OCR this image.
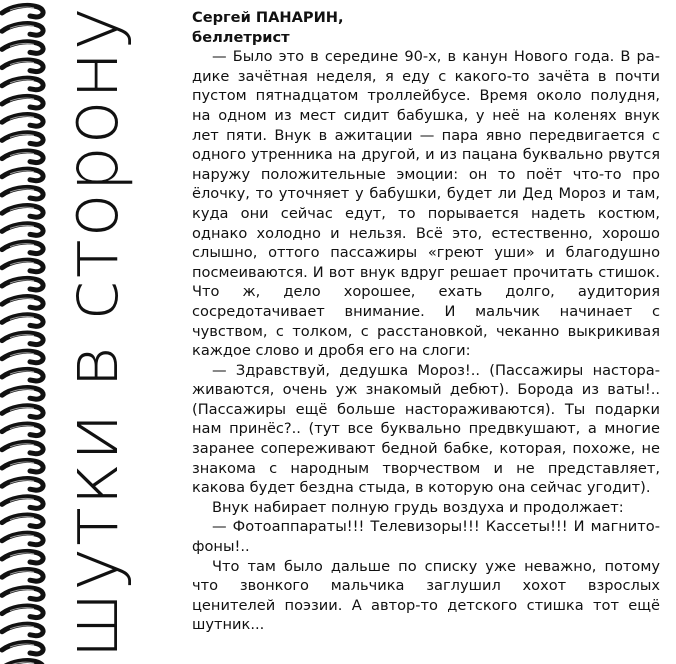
шутки в сторону	Сергей ПАНАРИН,
беллетрист

— Было это в середине 90-х, в канун Нового года. В радике зачётная неделя, я еду с какого-то зачёта в почти пустом пятнадцатом троллейбусе. Время около полудня, на одном из мест сидит бабушка, у неё на коленях внук лет пяти. Внук в ажитации — пара явно передвигается с одного утренника на другой, и из пацана буквально рвутся наружу положительные эмоции: он то поёт что-то про ёлочку, то уточняет у бабушки, будет ли Дед Мороз и там, куда они сейчас едут, то порывается надеть костюм, однако холодно и нельзя. Всё это, естественно, хорошо слышно, оттого пассажиры «греют уши» и благодушно посмеиваются. И вот внук вдруг решает прочитать стишок. Что ж, дело хорошее, ехать долго, аудитория сосредотачивает внимание. И мальчик начинает с чувством, с толком, с расстановкой, чеканно выкрикивая каждое слово и дробя его на слоги:

— Здравствуй, дедушка Мороз!.. (Пассажиры настораживаются, очень уж знакомый дебют). Борода из ваты!.. (Пассажиры ещё больше настораживаются). Ты подарки нам принёс?.. (тут все буквально предвкушают, а многие заранее сопереживают бедной бабке, которая, похоже, не знакома с народным творчеством и не представляет, какова будет бездна стыда, в которую она сейчас угодит).

Внук набирает полную грудь воздуха и продолжает:

— Фотоаппараты!!! Телевизоры!!! Кассеты!!! И магнитофоны!..

Что там было дальше по списку уже неважно, потому что звонкого мальчика заглушил хохот взрослых ценителей поэзии. А автор-то детского стишка тот ещё шутник...
